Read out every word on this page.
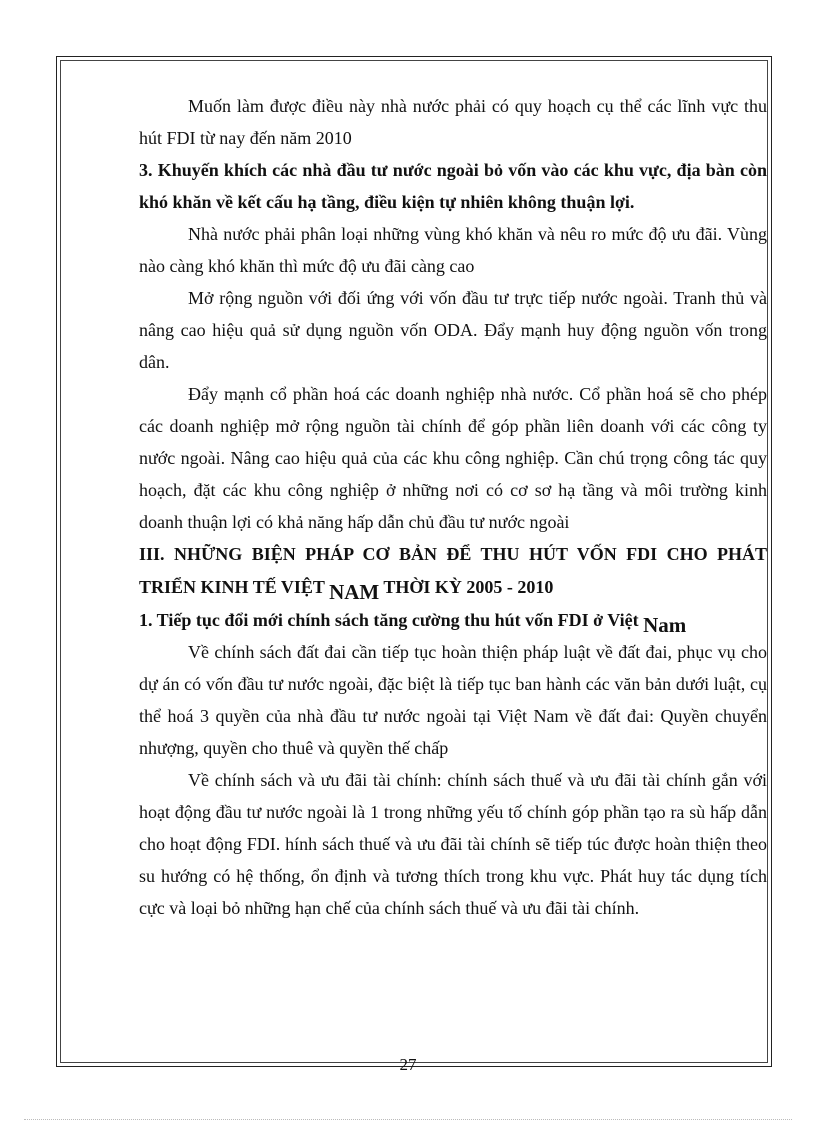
Muốn làm được điều này nhà nước phải có quy hoạch cụ thể các lĩnh vực thu hút FDI từ nay đến năm 2010

3. Khuyến khích các nhà đầu tư nước ngoài bỏ vốn vào các khu vực, địa bàn còn khó khăn về kết cấu hạ tầng, điều kiện tự nhiên không thuận lợi.

Nhà nước phải phân loại những vùng khó khăn và nêu ro mức độ ưu đãi. Vùng nào càng khó khăn thì mức độ ưu đãi càng cao

Mở rộng nguồn với đối ứng với vốn đầu tư trực tiếp nước ngoài. Tranh thủ và nâng cao hiệu quả sử dụng nguồn vốn ODA. Đẩy mạnh huy động nguồn vốn trong dân.

Đẩy mạnh cổ phần hoá các doanh nghiệp nhà nước. Cổ phần hoá sẽ cho phép các doanh nghiệp mở rộng nguồn tài chính để góp phần liên doanh với các công ty nước ngoài. Nâng cao hiệu quả của các khu công nghiệp. Cần chú trọng công tác quy hoạch, đặt các khu công nghiệp ở những nơi có cơ sơ hạ tầng và môi trường kinh doanh thuận lợi có khả năng hấp dẫn chủ đầu tư nước ngoài

III. NHỮNG BIỆN PHÁP CƠ BẢN ĐỂ THU HÚT VỐN FDI CHO PHÁT TRIỂN KINH TẾ VIỆT NAM THỜI KỲ 2005 - 2010

1. Tiếp tục đổi mới chính sách tăng cường thu hút vốn FDI ở Việt Nam

Về chính sách đất đai cần tiếp tục hoàn thiện pháp luật về đất đai, phục vụ cho dự án có vốn đầu tư nước ngoài, đặc biệt là tiếp tục ban hành các văn bản dưới luật, cụ thể hoá 3 quyền của nhà đầu tư nước ngoài tại Việt Nam về đất đai: Quyền chuyển nhượng, quyền cho thuê và quyền thế chấp

Về chính sách và ưu đãi tài chính: chính sách thuế và ưu đãi tài chính gắn với hoạt động đầu tư nước ngoài là 1 trong những yếu tố chính góp phần tạo ra sù hấp dẫn cho hoạt động FDI. hính sách thuế và ưu đãi tài chính sẽ tiếp túc được hoàn thiện theo su hướng có hệ thống, ổn định và tương thích trong khu vực. Phát huy tác dụng tích cực và loại bỏ những hạn chế của chính sách thuế và ưu đãi tài chính.

27
